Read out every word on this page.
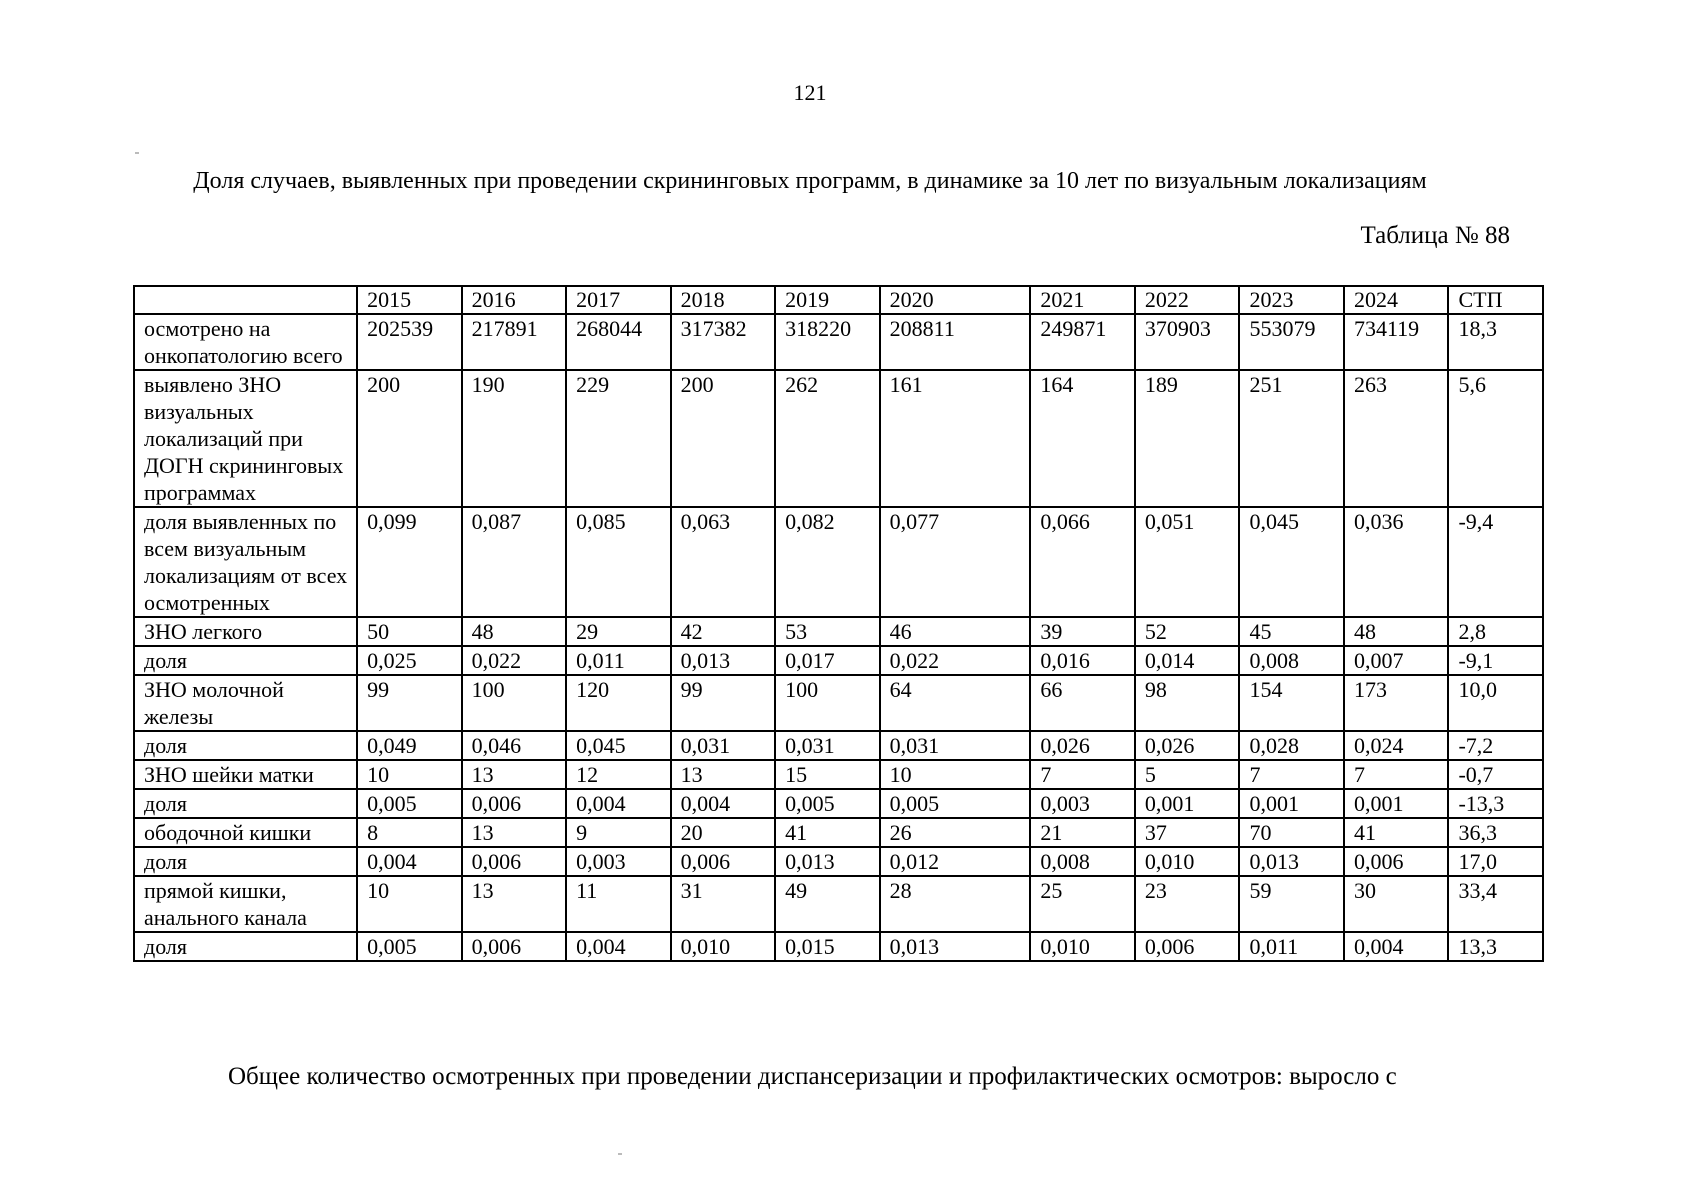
121
Доля случаев, выявленных при проведении скрининговых программ, в динамике за 10 лет по визуальным локализациям
Таблица № 88
	2015	2016	2017	2018	2019	2020	2021	2022	2023	2024	СТП
осмотрено на онкопатологию всего	202539	217891	268044	317382	318220	208811	249871	370903	553079	734119	18,3
выявлено ЗНО визуальных локализаций при ДОГН скрининговых программах	200	190	229	200	262	161	164	189	251	263	5,6
доля выявленных по всем визуальным локализациям от всех осмотренных	0,099	0,087	0,085	0,063	0,082	0,077	0,066	0,051	0,045	0,036	-9,4
ЗНО легкого	50	48	29	42	53	46	39	52	45	48	2,8
доля	0,025	0,022	0,011	0,013	0,017	0,022	0,016	0,014	0,008	0,007	-9,1
ЗНО молочной железы	99	100	120	99	100	64	66	98	154	173	10,0
доля	0,049	0,046	0,045	0,031	0,031	0,031	0,026	0,026	0,028	0,024	-7,2
ЗНО шейки матки	10	13	12	13	15	10	7	5	7	7	-0,7
доля	0,005	0,006	0,004	0,004	0,005	0,005	0,003	0,001	0,001	0,001	-13,3
ободочной кишки	8	13	9	20	41	26	21	37	70	41	36,3
доля	0,004	0,006	0,003	0,006	0,013	0,012	0,008	0,010	0,013	0,006	17,0
прямой кишки, анального канала	10	13	11	31	49	28	25	23	59	30	33,4
доля	0,005	0,006	0,004	0,010	0,015	0,013	0,010	0,006	0,011	0,004	13,3
Общее количество осмотренных при проведении диспансеризации и профилактических осмотров: выросло с
